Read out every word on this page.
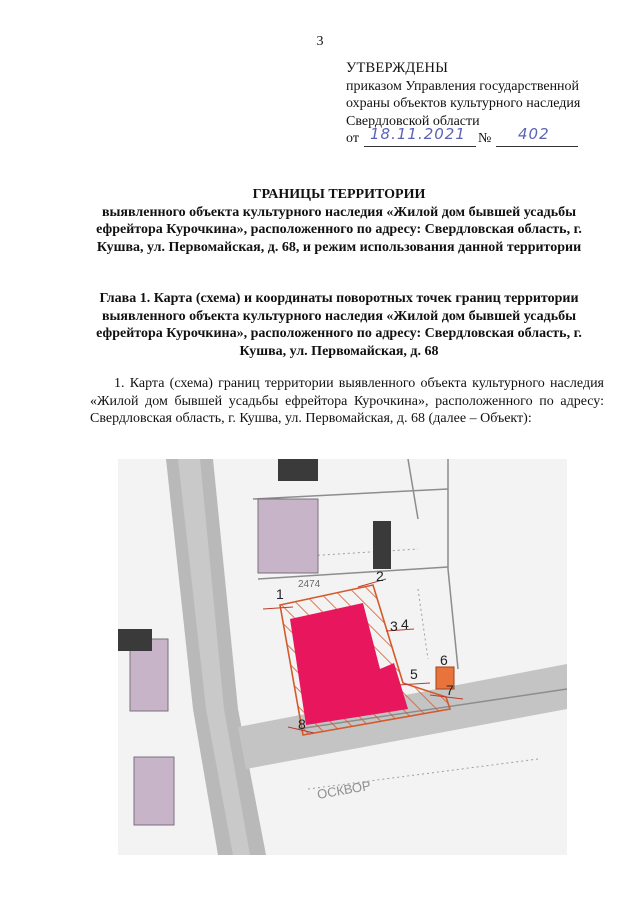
3
УТВЕРЖДЕНЫ
приказом Управления государственной
охраны объектов культурного наследия
Свердловской области
от 18.11.2021 № 402
ГРАНИЦЫ ТЕРРИТОРИИ
выявленного объекта культурного наследия «Жилой дом бывшей усадьбы ефрейтора Курочкина», расположенного по адресу: Свердловская область, г. Кушва, ул. Первомайская, д. 68, и режим использования данной территории
Глава 1. Карта (схема) и координаты поворотных точек границ территории выявленного объекта культурного наследия «Жилой дом бывшей усадьбы ефрейтора Курочкина», расположенного по адресу: Свердловская область, г. Кушва, ул. Первомайская, д. 68
1. Карта (схема) границ территории выявленного объекта культурного наследия «Жилой дом бывшей усадьбы ефрейтора Курочкина», расположенного по адресу: Свердловская область, г. Кушва, ул. Первомайская, д. 68 (далее – Объект):
1
2
3 4
5
6
7
8
2474
ОСКВОР
